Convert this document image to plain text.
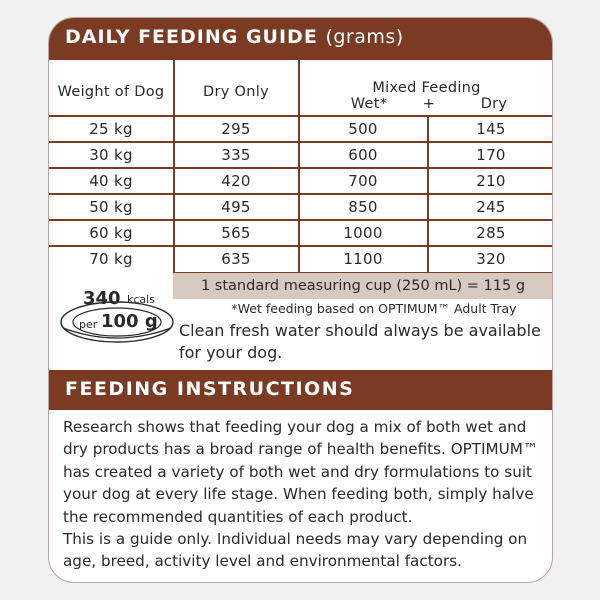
DAILY FEEDING GUIDE (grams)
Weight of Dog	Dry Only	Mixed Feeding
Wet*	+	Dry
25 kg	295	500	145
30 kg	335	600	170
40 kg	420	700	210
50 kg	495	850	245
60 kg	565	1000	285
70 kg	635	1100	320
1 standard measuring cup (250 mL) = 115 g
340 kcals
per 100 g
*Wet feeding based on OPTIMUM™ Adult Tray
Clean fresh water should always be available for your dog.
FEEDING INSTRUCTIONS

Research shows that feeding your dog a mix of both wet and dry products has a broad range of health benefits. OPTIMUM™ has created a variety of both wet and dry formulations to suit your dog at every life stage. When feeding both, simply halve the recommended quantities of each product.

This is a guide only. Individual needs may vary depending on age, breed, activity level and environmental factors.
